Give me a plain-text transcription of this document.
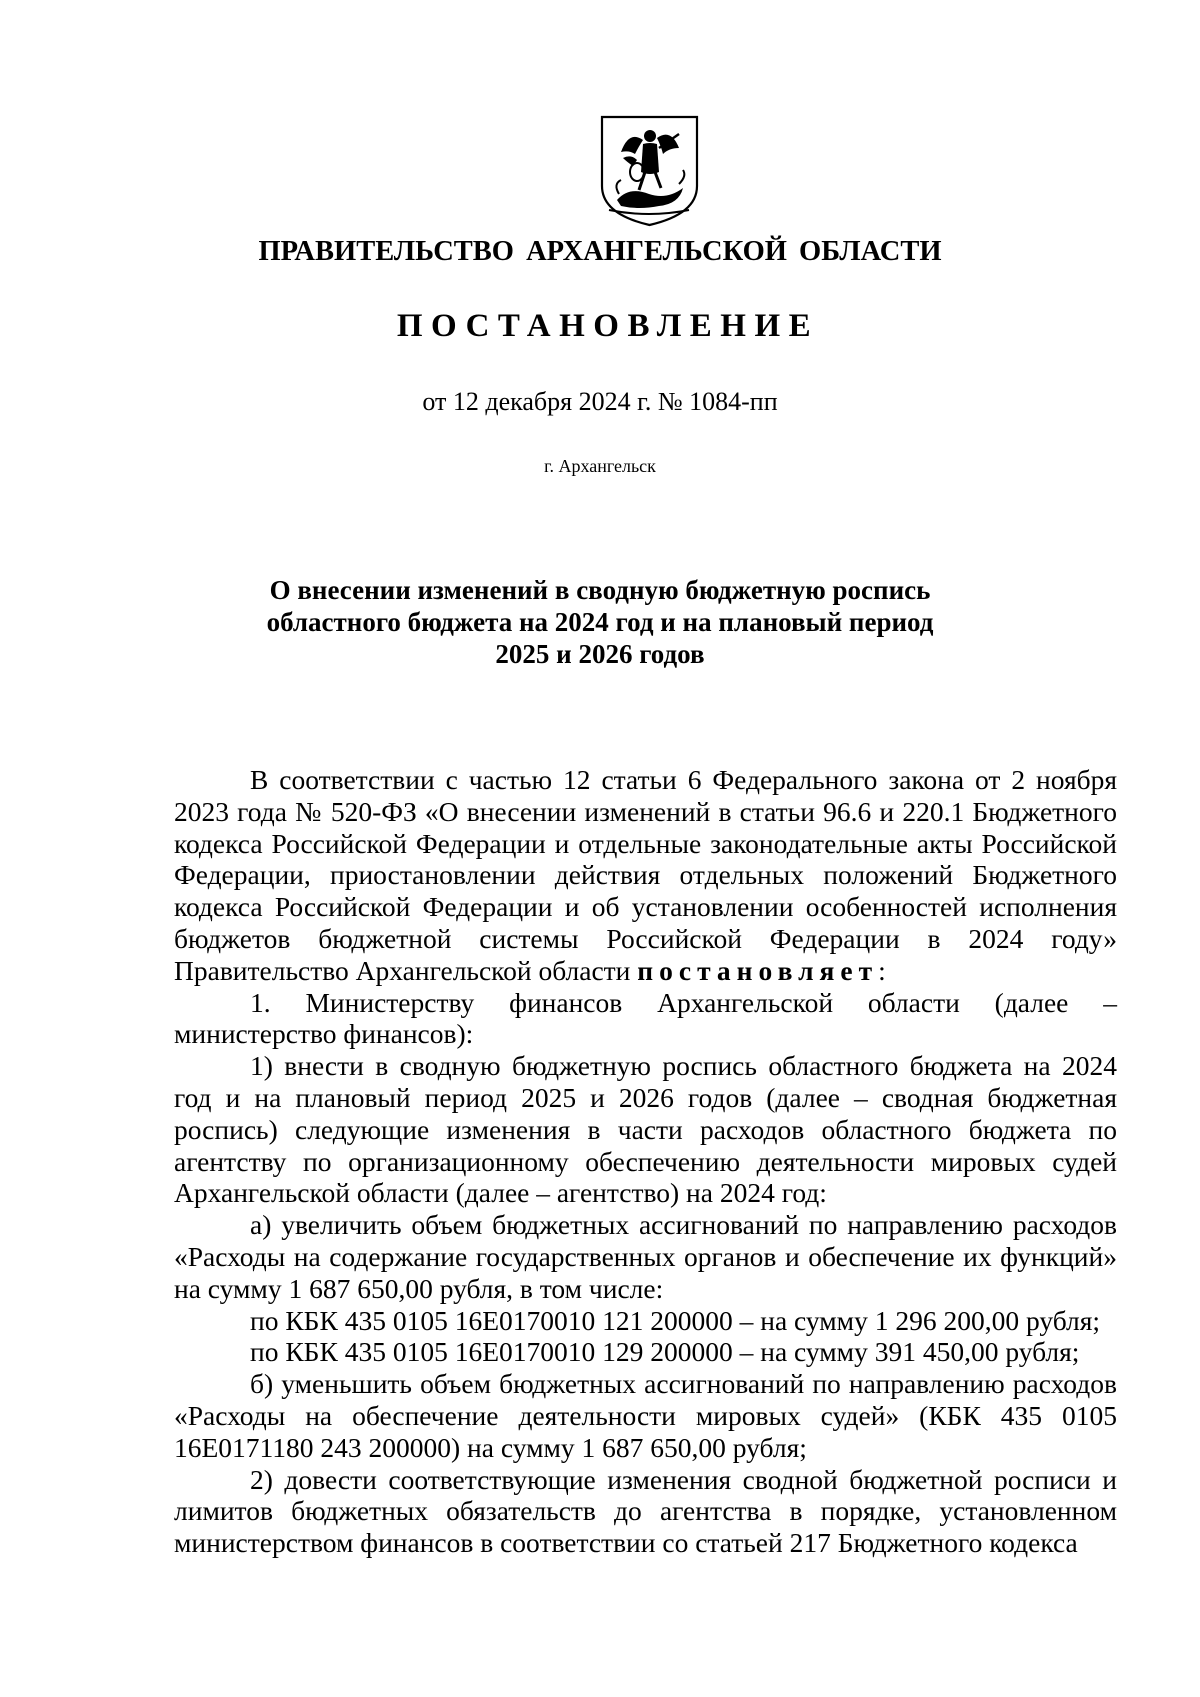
ПРАВИТЕЛЬСТВО АРХАНГЕЛЬСКОЙ ОБЛАСТИ
ПОСТАНОВЛЕНИЕ
от 12 декабря 2024 г. № 1084-пп
г. Архангельск
О внесении изменений в сводную бюджетную роспись
областного бюджета на 2024 год и на плановый период
2025 и 2026 годов

В соответствии с частью 12 статьи 6 Федерального закона от 2 ноября 2023 года № 520-ФЗ «О внесении изменений в статьи 96.6 и 220.1 Бюджетного кодекса Российской Федерации и отдельные законодательные акты Российской Федерации, приостановлении действия отдельных положений Бюджетного кодекса Российской Федерации и об установлении особенностей исполнения бюджетов бюджетной системы Российской Федерации в 2024 году» Правительство Архангельской области постановляет:

1. Министерству финансов Архангельской области (далее – министерство финансов):

1) внести в сводную бюджетную роспись областного бюджета на 2024 год и на плановый период 2025 и 2026 годов (далее – сводная бюджетная роспись) следующие изменения в части расходов областного бюджета по агентству по организационному обеспечению деятельности мировых судей Архангельской области (далее – агентство) на 2024 год:

а) увеличить объем бюджетных ассигнований по направлению расходов «Расходы на содержание государственных органов и обеспечение их функций» на сумму 1 687 650,00 рубля, в том числе:

по КБК 435 0105 16Е0170010 121 200000 – на сумму 1 296 200,00 рубля;

по КБК 435 0105 16Е0170010 129 200000 – на сумму 391 450,00 рубля;

б) уменьшить объем бюджетных ассигнований по направлению расходов «Расходы на обеспечение деятельности мировых судей» (КБК 435 0105 16Е0171180 243 200000) на сумму 1 687 650,00 рубля;

2) довести соответствующие изменения сводной бюджетной росписи и лимитов бюджетных обязательств до агентства в порядке, установленном министерством финансов в соответствии со статьей 217 Бюджетного кодекса
